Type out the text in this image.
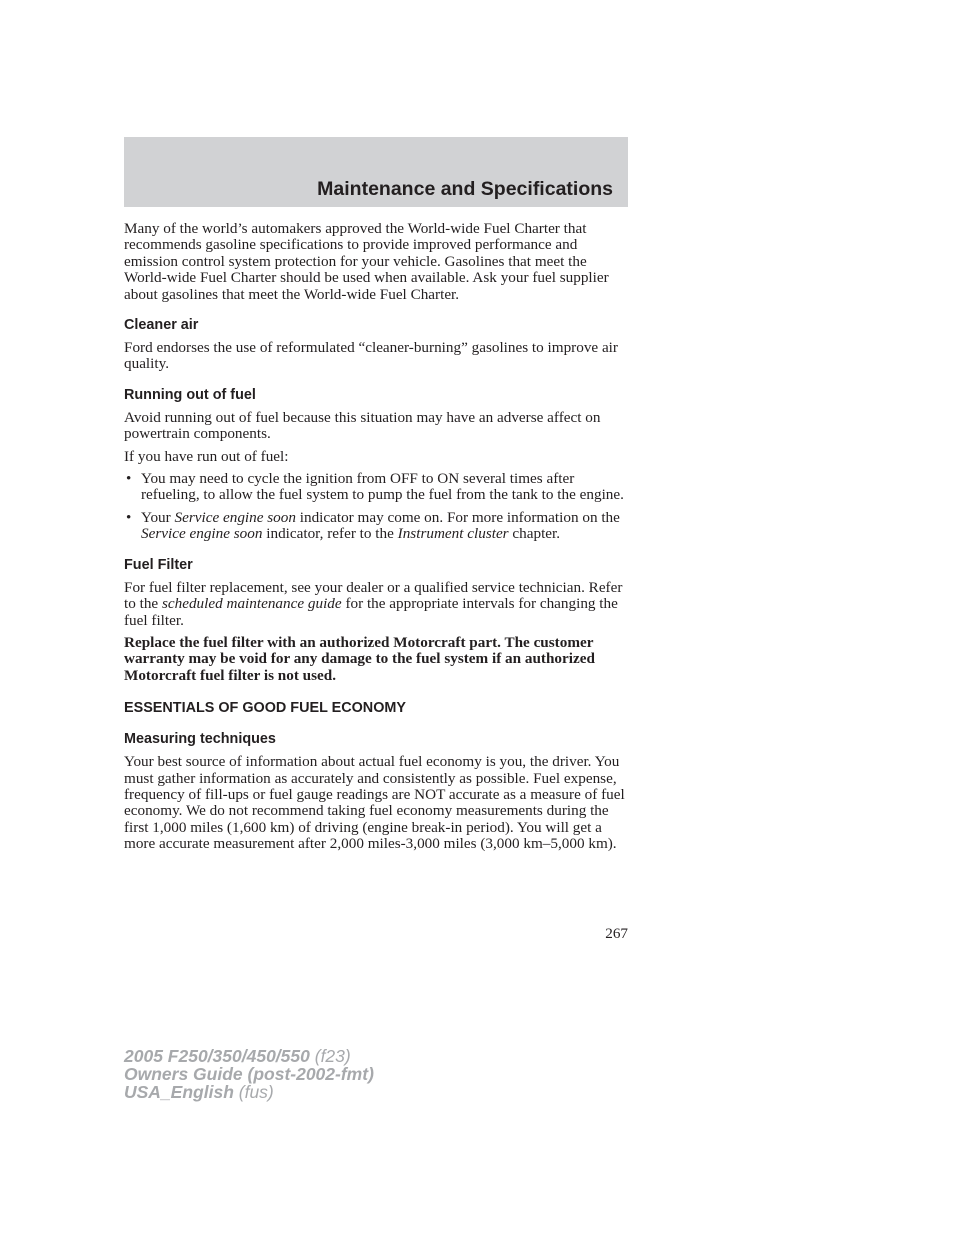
Maintenance and Specifications

Many of the world’s automakers approved the World-wide Fuel Charter that recommends gasoline specifications to provide improved performance and emission control system protection for your vehicle. Gasolines that meet the World-wide Fuel Charter should be used when available. Ask your fuel supplier about gasolines that meet the World-wide Fuel Charter.

Cleaner air

Ford endorses the use of reformulated “cleaner-burning” gasolines to improve air quality.

Running out of fuel

Avoid running out of fuel because this situation may have an adverse affect on powertrain components.

If you have run out of fuel:

• You may need to cycle the ignition from OFF to ON several times after refueling, to allow the fuel system to pump the fuel from the tank to the engine.
• Your Service engine soon indicator may come on. For more information on the Service engine soon indicator, refer to the Instrument cluster chapter.
Fuel Filter

For fuel filter replacement, see your dealer or a qualified service technician. Refer to the scheduled maintenance guide for the appropriate intervals for changing the fuel filter.

Replace the fuel filter with an authorized Motorcraft part. The customer warranty may be void for any damage to the fuel system if an authorized Motorcraft fuel filter is not used.

ESSENTIALS OF GOOD FUEL ECONOMY
Measuring techniques

Your best source of information about actual fuel economy is you, the driver. You must gather information as accurately and consistently as possible. Fuel expense, frequency of fill-ups or fuel gauge readings are NOT accurate as a measure of fuel economy. We do not recommend taking fuel economy measurements during the first 1,000 miles (1,600 km) of driving (engine break-in period). You will get a more accurate measurement after 2,000 miles-3,000 miles (3,000 km–5,000 km).

267

2005 F250/350/450/550 (f23)
Owners Guide (post-2002-fmt)
USA_English (fus)
